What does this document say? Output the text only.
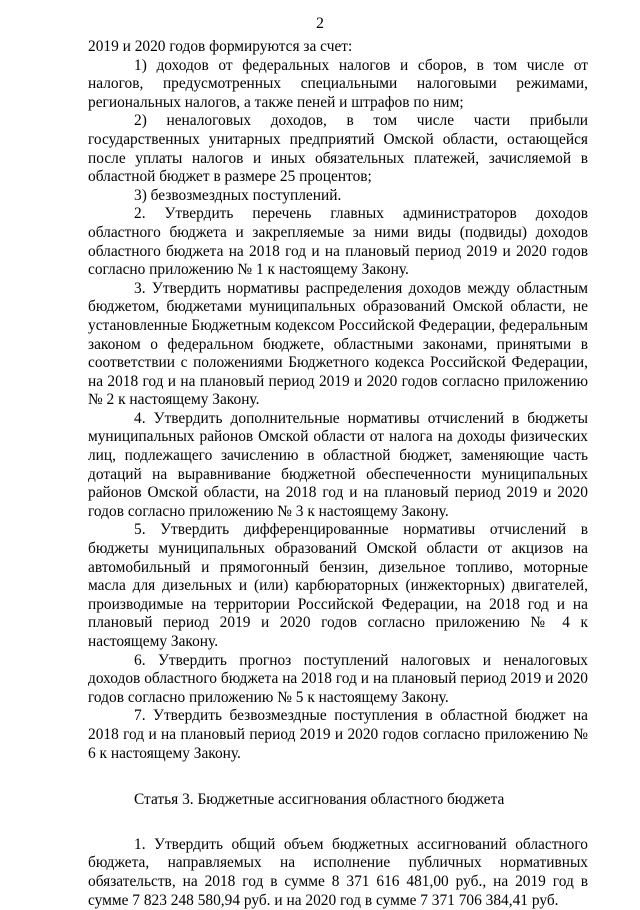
2

2019 и 2020 годов формируются за счет:

1) доходов от федеральных налогов и сборов, в том числе от налогов, предусмотренных специальными налоговыми режимами, региональных налогов, а также пеней и штрафов по ним;

2) неналоговых доходов, в том числе части прибыли государственных унитарных предприятий Омской области, остающейся после уплаты налогов и иных обязательных платежей, зачисляемой в областной бюджет в размере 25 процентов;

3) безвозмездных поступлений.

2. Утвердить перечень главных администраторов доходов областного бюджета и закрепляемые за ними виды (подвиды) доходов областного бюджета на 2018 год и на плановый период 2019 и 2020 годов согласно приложению № 1 к настоящему Закону.

3. Утвердить нормативы распределения доходов между областным бюджетом, бюджетами муниципальных образований Омской области, не установленные Бюджетным кодексом Российской Федерации, федеральным законом о федеральном бюджете, областными законами, принятыми в соответствии с положениями Бюджетного кодекса Российской Федерации, на 2018 год и на плановый период 2019 и 2020 годов согласно приложению № 2 к настоящему Закону.

4. Утвердить дополнительные нормативы отчислений в бюджеты муниципальных районов Омской области от налога на доходы физических лиц, подлежащего зачислению в областной бюджет, заменяющие часть дотаций на выравнивание бюджетной обеспеченности муниципальных районов Омской области, на 2018 год и на плановый период 2019 и 2020 годов согласно приложению № 3 к настоящему Закону.

5. Утвердить дифференцированные нормативы отчислений в бюджеты муниципальных образований Омской области от акцизов на автомобильный и прямогонный бензин, дизельное топливо, моторные масла для дизельных и (или) карбюраторных (инжекторных) двигателей, производимые на территории Российской Федерации, на 2018 год и на плановый период 2019 и 2020 годов согласно приложению № 4 к настоящему Закону.

6. Утвердить прогноз поступлений налоговых и неналоговых доходов областного бюджета на 2018 год и на плановый период 2019 и 2020 годов согласно приложению № 5 к настоящему Закону.

7. Утвердить безвозмездные поступления в областной бюджет на 2018 год и на плановый период 2019 и 2020 годов согласно приложению № 6 к настоящему Закону.

Статья 3. Бюджетные ассигнования областного бюджета

1. Утвердить общий объем бюджетных ассигнований областного бюджета, направляемых на исполнение публичных нормативных обязательств, на 2018 год в сумме 8 371 616 481,00 руб., на 2019 год в сумме 7 823 248 580,94 руб. и на 2020 год в сумме 7 371 706 384,41 руб.
